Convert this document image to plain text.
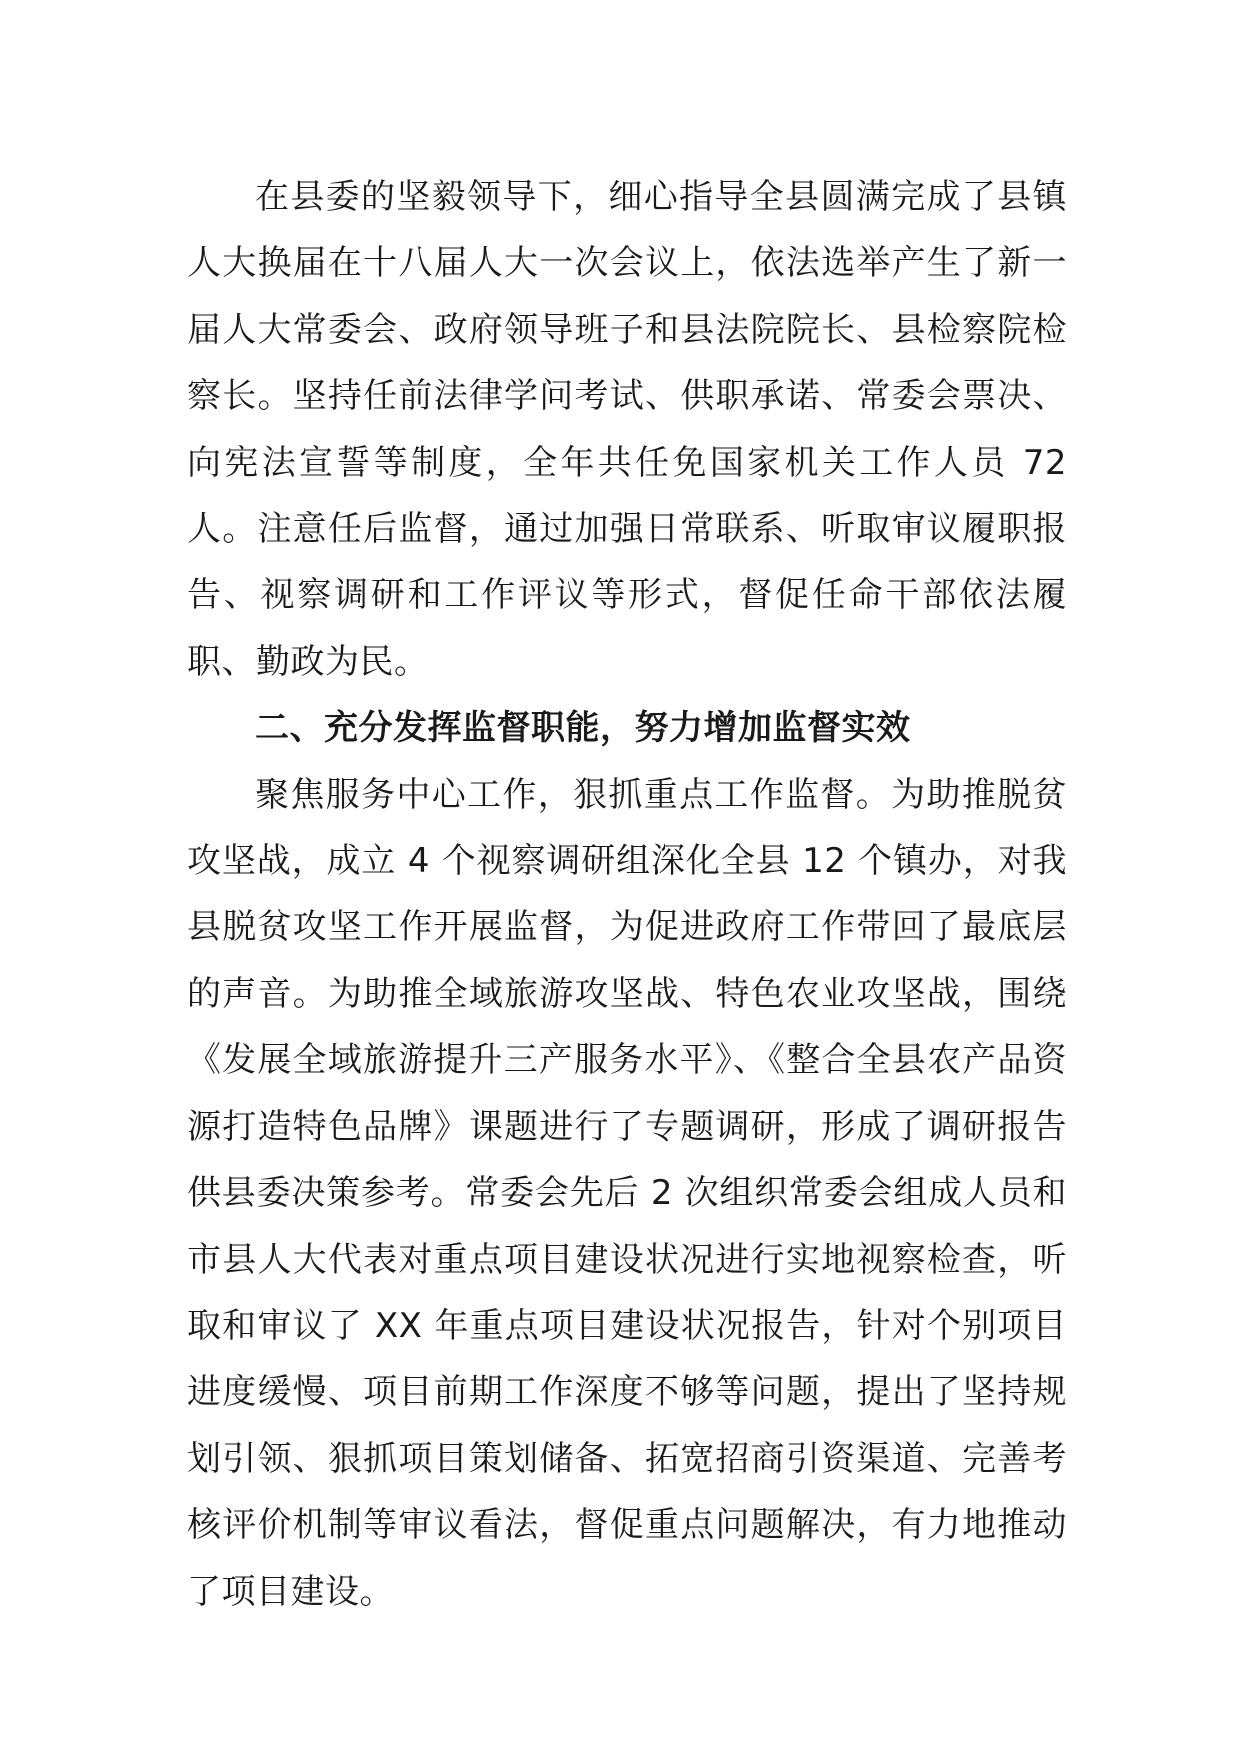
在县委的坚毅领导下，细心指导全县圆满完成了县镇人大换届在十八届人大一次会议上，依法选举产生了新一届人大常委会、政府领导班子和县法院院长、县检察院检察长。坚持任前法律学问考试、供职承诺、常委会票决、向宪法宣誓等制度，全年共任免国家机关工作人员 72 人。注意任后监督，通过加强日常联系、听取审议履职报告、视察调研和工作评议等形式，督促任命干部依法履职、勤政为民。

二、充分发挥监督职能，努力增加监督实效

聚焦服务中心工作，狠抓重点工作监督。为助推脱贫攻坚战，成立 4 个视察调研组深化全县 12 个镇办，对我县脱贫攻坚工作开展监督，为促进政府工作带回了最底层的声音。为助推全域旅游攻坚战、特色农业攻坚战，围绕《发展全域旅游提升三产服务水平》、《整合全县农产品资源打造特色品牌》课题进行了专题调研，形成了调研报告供县委决策参考。常委会先后 2 次组织常委会组成人员和市县人大代表对重点项目建设状况进行实地视察检查，听取和审议了 XX 年重点项目建设状况报告，针对个别项目进度缓慢、项目前期工作深度不够等问题，提出了坚持规划引领、狠抓项目策划储备、拓宽招商引资渠道、完善考核评价机制等审议看法，督促重点问题解决，有力地推动了项目建设。
